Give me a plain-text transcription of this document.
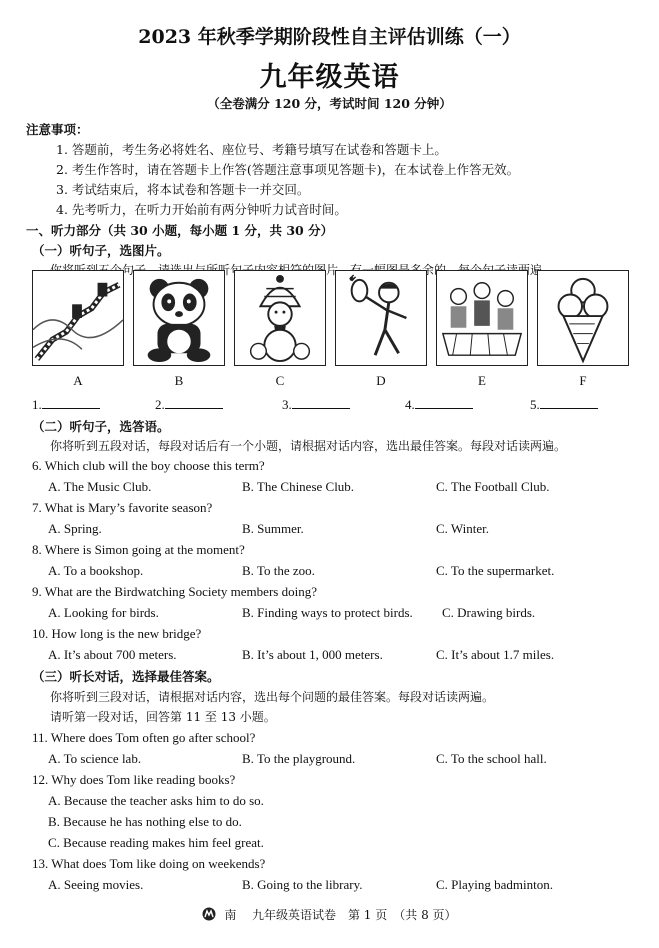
2023 年秋季学期阶段性自主评估训练（一）
九年级英语
（全卷满分 120 分，考试时间 120 分钟）
注意事项：
1. 答题前，考生务必将姓名、座位号、考籍号填写在试卷和答题卡上。
2. 考生作答时，请在答题卡上作答(答题注意事项见答题卡)，在本试卷上作答无效。
3. 考试结束后，将本试卷和答题卡一并交回。
4. 先考听力，在听力开始前有两分钟听力试音时间。
一、听力部分（共 30 小题，每小题 1 分，共 30 分）
（一）听句子，选图片。
A	B	C	D	E	F
1.	2.	3.	4.	5.
（二）听句子，选答语。
你将听到五段对话，每段对话后有一个小题，请根据对话内容，选出最佳答案。每段对话读两遍。
6. Which club will the boy choose this term?
A. The Music Club.	B. The Chinese Club.	C. The Football Club.
7. What is Mary’s favorite season?
A. Spring.	B. Summer.	C. Winter.
8. Where is Simon going at the moment?
A. To a bookshop.	B. To the zoo.	C. To the supermarket.
9. What are the Birdwatching Society members doing?
A. Looking for birds.	B. Finding ways to protect birds. C. Drawing birds.
10. How long is the new bridge?
A. It’s about 700 meters.	B. It’s about 1, 000 meters.	C. It’s about 1.7 miles.
（三）听长对话，选择最佳答案。
你将听到三段对话，请根据对话内容，选出每个问题的最佳答案。每段对话读两遍。
请听第一段对话，回答第 11 至 13 小题。
11. Where does Tom often go after school?
A. To science lab.	B. To the playground.	C. To the school hall.
12. Why does Tom like reading books?
A. Because the teacher asks him to do so.
B. Because he has nothing else to do.
C. Because reading makes him feel great.
13. What does Tom like doing on weekends?
A. Seeing movies.	B. Going to the library.	C. Playing badminton.
南 九年级英语试卷　第 1 页　（共 8 页）
